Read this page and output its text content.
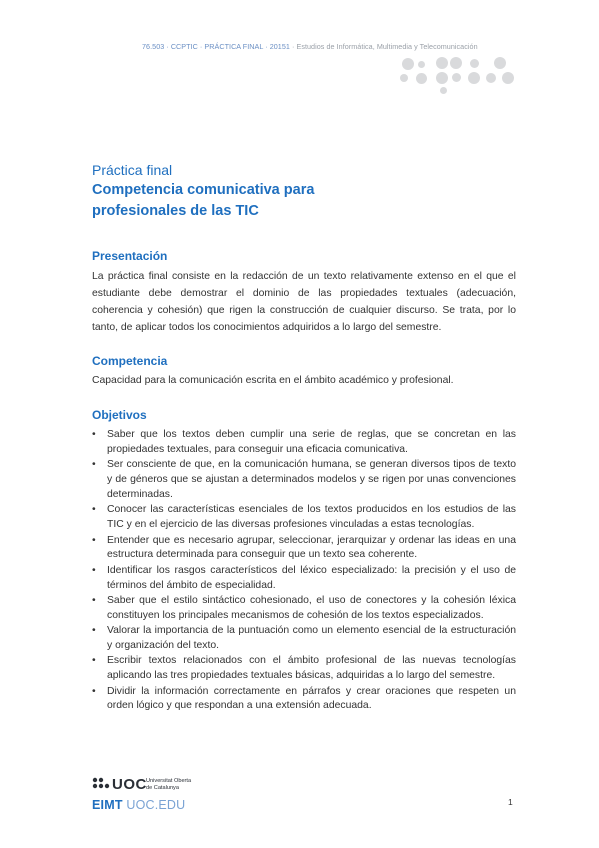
76.503 · CCPTIC · PRÁCTICA FINAL · 20151 · Estudios de Informática, Multimedia y Telecomunicación
Práctica final
Competencia comunicativa para
profesionales de las TIC
Presentación
La práctica final consiste en la redacción de un texto relativamente extenso en el que el estudiante debe demostrar el dominio de las propiedades textuales (adecuación, coherencia y cohesión) que rigen la construcción de cualquier discurso. Se trata, por lo tanto, de aplicar todos los conocimientos adquiridos a lo largo del semestre.
Competencia
Capacidad para la comunicación escrita en el ámbito académico y profesional.
Objetivos
• Saber que los textos deben cumplir una serie de reglas, que se concretan en las propiedades textuales, para conseguir una eficacia comunicativa.
• Ser consciente de que, en la comunicación humana, se generan diversos tipos de texto y de géneros que se ajustan a determinados modelos y se rigen por unas convenciones determinadas.
• Conocer las características esenciales de los textos producidos en los estudios de las TIC y en el ejercicio de las diversas profesiones vinculadas a estas tecnologías.
• Entender que es necesario agrupar, seleccionar, jerarquizar y ordenar las ideas en una estructura determinada para conseguir que un texto sea coherente.
• Identificar los rasgos característicos del léxico especializado: la precisión y el uso de términos del ámbito de especialidad.
• Saber que el estilo sintáctico cohesionado, el uso de conectores y la cohesión léxica constituyen los principales mecanismos de cohesión de los textos especializados.
• Valorar la importancia de la puntuación como un elemento esencial de la estructuración y organización del texto.
• Escribir textos relacionados con el ámbito profesional de las nuevas tecnologías aplicando las tres propiedades textuales básicas, adquiridas a lo largo del semestre.
• Dividir la información correctamente en párrafos y crear oraciones que respeten un orden lógico y que respondan a una extensión adecuada.
UOC Universitat Oberta
de Catalunya
EIMT UOC.EDU	1
